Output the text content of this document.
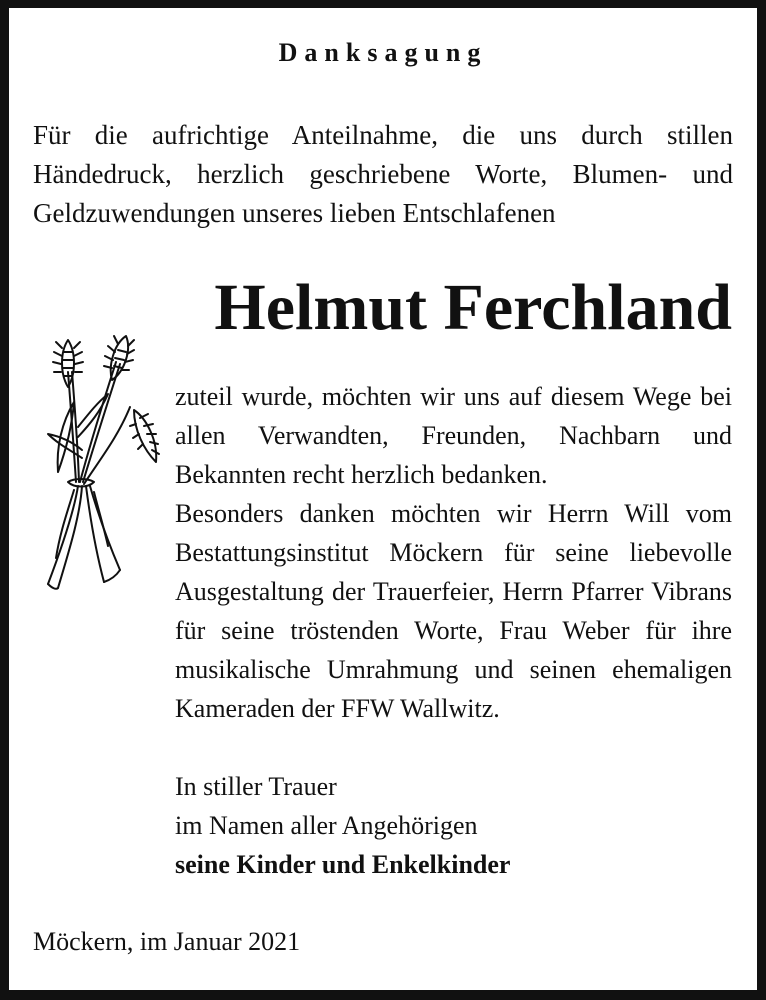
Danksagung
Für die aufrichtige Anteilnahme, die uns durch stillen Händedruck, herzlich geschriebene Worte, Blumen- und Geldzuwendungen unseres lieben Entschlafenen
Helmut Ferchland

zuteil wurde, möchten wir uns auf diesem Wege bei allen Verwandten, Freunden, Nachbarn und Bekannten recht herzlich bedanken.

Besonders danken möchten wir Herrn Will vom Bestattungsinstitut Möckern für seine liebevolle Ausgestaltung der Trauerfeier, Herrn Pfarrer Vibrans für seine tröstenden Worte, Frau Weber für ihre musikalische Umrahmung und seinen ehemaligen Kameraden der FFW Wallwitz.

In stiller Trauer
im Namen aller Angehörigen
seine Kinder und Enkelkinder
Möckern, im Januar 2021
